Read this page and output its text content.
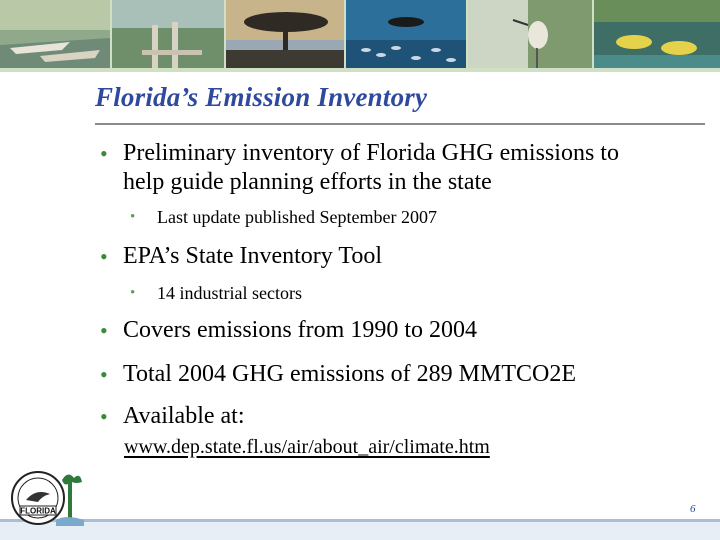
Florida’s Emission Inventory
• Preliminary inventory of Florida GHG emissions to
help guide planning efforts in the state
• Last update published September 2007
• EPA’s State Inventory Tool
• 14 industrial sectors
• Covers emissions from 1990 to 2004
• Total 2004 GHG emissions of 289 MMTCO2E
• Available at:
www.dep.state.fl.us/air/about_air/climate.htm
FLORIDA	6
